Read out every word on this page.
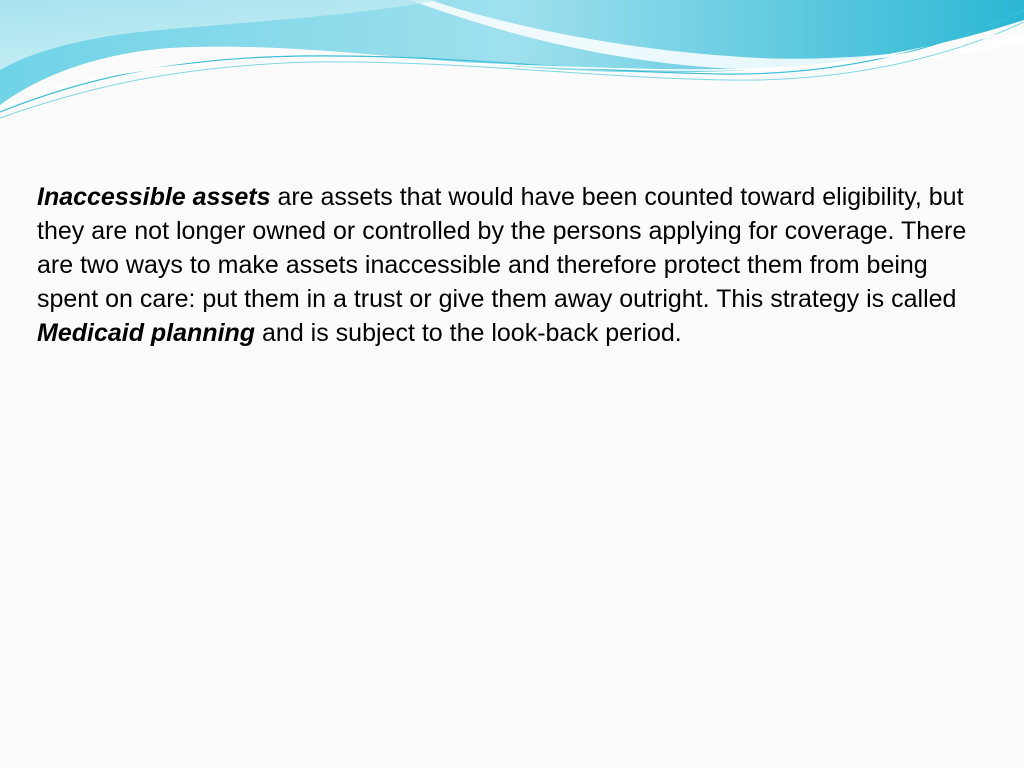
Inaccessible assets are assets that would have been counted toward eligibility, but they are not longer owned or controlled by the persons applying for coverage. There are two ways to make assets inaccessible and therefore protect them from being spent on care: put them in a trust or give them away outright. This strategy is called Medicaid planning and is subject to the look-back period.
